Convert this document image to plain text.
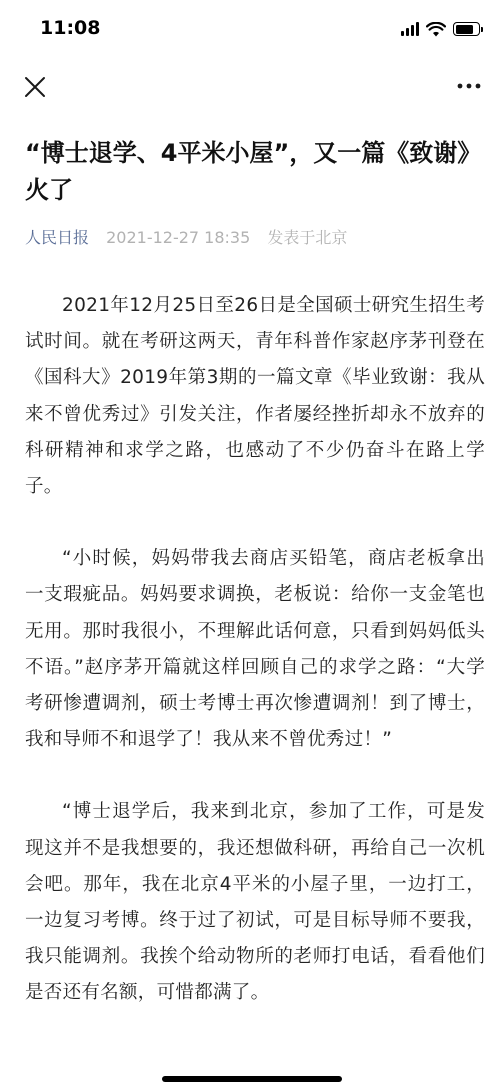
11:08
“博士退学、4平米小屋”，又一篇《致谢》火了
人民日报 2021-12-27 18:35 发表于北京

2021年12月25日至26日是全国硕士研究生招生考试时间。就在考研这两天，青年科普作家赵序茅刊登在《国科大》2019年第3期的一篇文章《毕业致谢：我从来不曾优秀过》引发关注，作者屡经挫折却永不放弃的科研精神和求学之路，也感动了不少仍奋斗在路上学子。

“小时候，妈妈带我去商店买铅笔，商店老板拿出一支瑕疵品。妈妈要求调换，老板说：给你一支金笔也无用。那时我很小，不理解此话何意，只看到妈妈低头不语。”赵序茅开篇就这样回顾自己的求学之路：“大学考研惨遭调剂，硕士考博士再次惨遭调剂！到了博士，我和导师不和退学了！我从来不曾优秀过！”

“博士退学后，我来到北京，参加了工作，可是发现这并不是我想要的，我还想做科研，再给自己一次机会吧。那年，我在北京4平米的小屋子里，一边打工，一边复习考博。终于过了初试，可是目标导师不要我，我只能调剂。我挨个给动物所的老师打电话，看看他们是否还有名额，可惜都满了。
